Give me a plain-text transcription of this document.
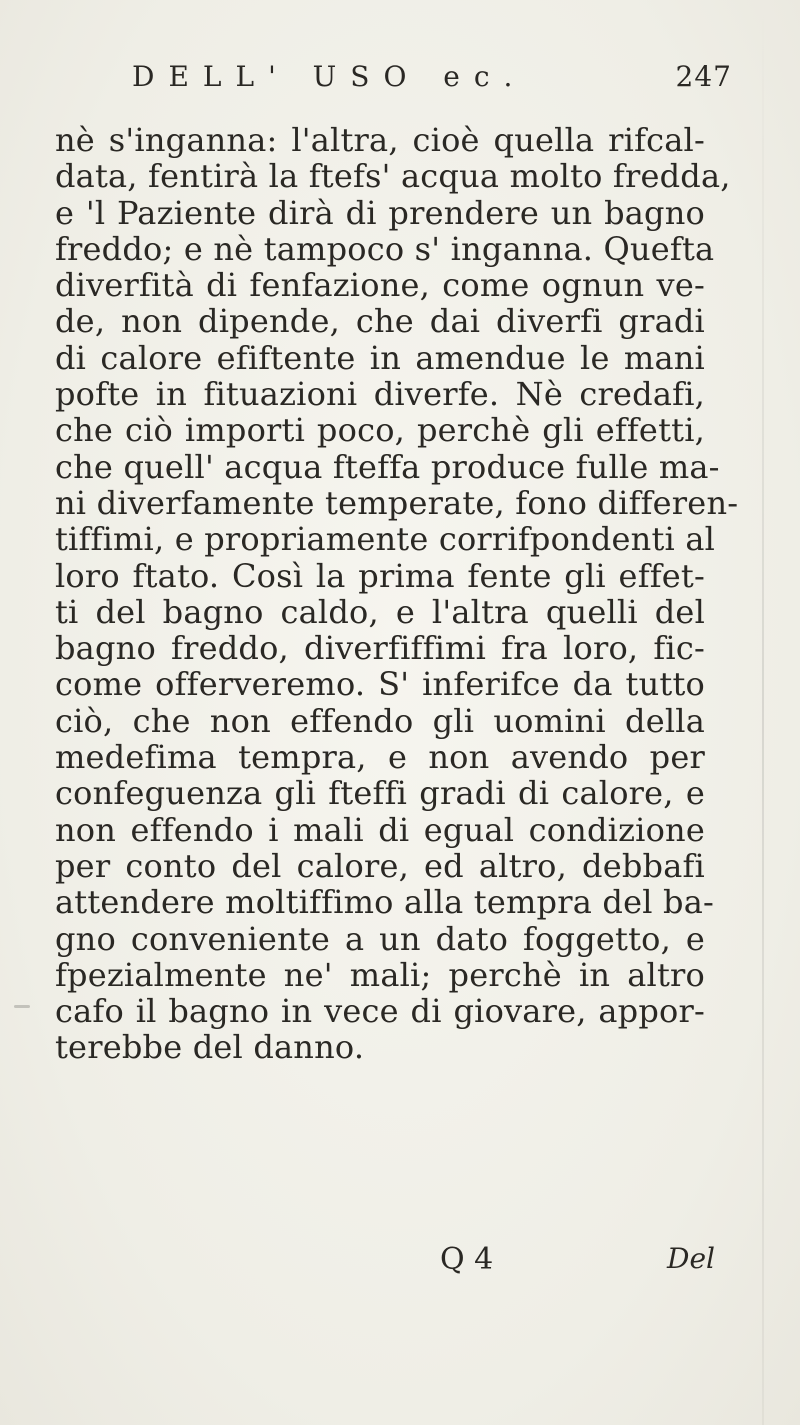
DELL' USO ec.	247
nè s'inganna: l'altra, cioè quella rifcal-
data, fentirà la ftefs' acqua molto fredda,
e 'l Paziente dirà di prendere un bagno
freddo; e nè tampoco s' inganna. Quefta
diverfità di fenfazione, come ognun ve-
de, non dipende, che dai diverfi gradi
di calore efiftente in amendue le mani
pofte in fituazioni diverfe. Nè credafi,
che ciò importi poco, perchè gli effetti,
che quell' acqua fteffa produce fulle ma-
ni diverfamente temperate, fono differen-
tiffimi, e propriamente corrifpondenti al
loro ftato. Così la prima fente gli effet-
ti del bagno caldo, e l'altra quelli del
bagno freddo, diverfiffimi fra loro, fic-
come offerveremo. S' inferifce da tutto
ciò, che non effendo gli uomini della
medefima tempra, e non avendo per
confeguenza gli fteffi gradi di calore, e
non effendo i mali di egual condizione
per conto del calore, ed altro, debbafi
attendere moltiffimo alla tempra del ba-
gno conveniente a un dato foggetto, e
fpezialmente ne' mali; perchè in altro
cafo il bagno in vece di giovare, appor-
terebbe del danno.
Q 4	Del
